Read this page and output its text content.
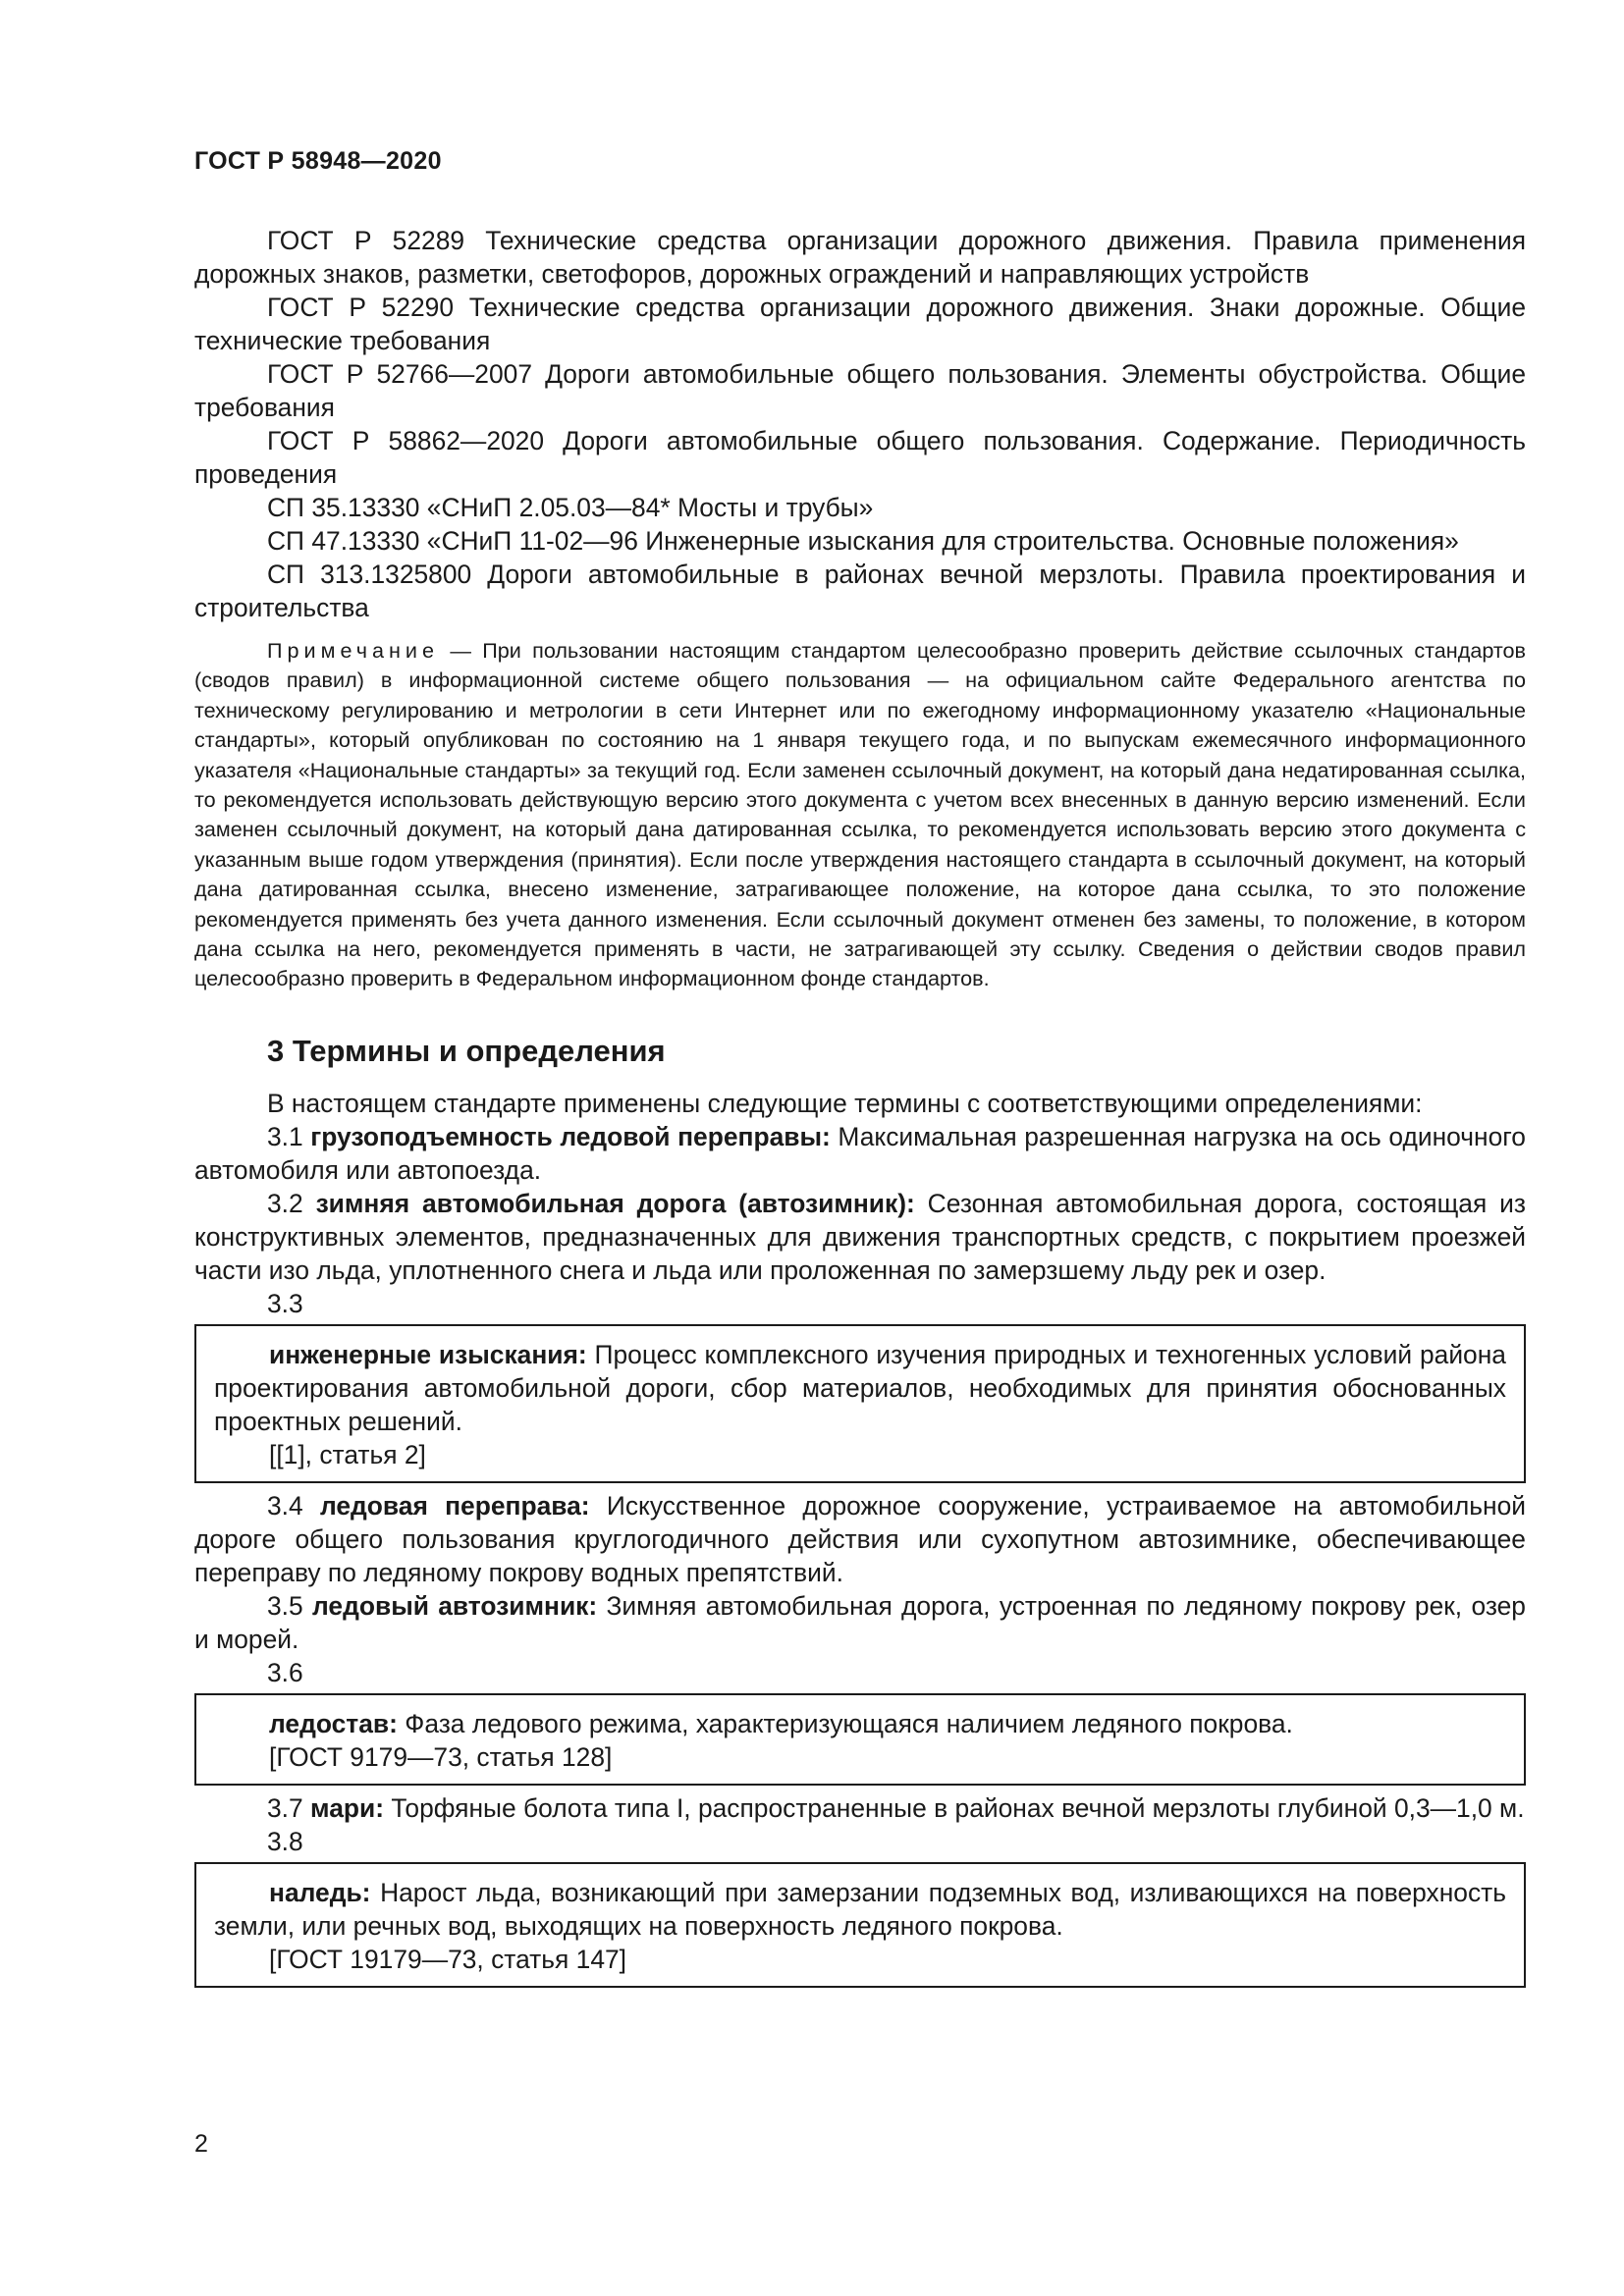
ГОСТ Р 58948—2020

ГОСТ Р 52289 Технические средства организации дорожного движения. Правила применения дорожных знаков, разметки, светофоров, дорожных ограждений и направляющих устройств

ГОСТ Р 52290 Технические средства организации дорожного движения. Знаки дорожные. Общие технические требования

ГОСТ Р 52766—2007 Дороги автомобильные общего пользования. Элементы обустройства. Общие требования

ГОСТ Р 58862—2020 Дороги автомобильные общего пользования. Содержание. Периодичность проведения

СП 35.13330 «СНиП 2.05.03—84* Мосты и трубы»

СП 47.13330 «СНиП 11-02—96 Инженерные изыскания для строительства. Основные положения»

СП 313.1325800 Дороги автомобильные в районах вечной мерзлоты. Правила проектирования и строительства

Примечание — При пользовании настоящим стандартом целесообразно проверить действие ссылочных стандартов (сводов правил) в информационной системе общего пользования — на официальном сайте Федерального агентства по техническому регулированию и метрологии в сети Интернет или по ежегодному информационному указателю «Национальные стандарты», который опубликован по состоянию на 1 января текущего года, и по выпускам ежемесячного информационного указателя «Национальные стандарты» за текущий год. Если заменен ссылочный документ, на который дана недатированная ссылка, то рекомендуется использовать действующую версию этого документа с учетом всех внесенных в данную версию изменений. Если заменен ссылочный документ, на который дана датированная ссылка, то рекомендуется использовать версию этого документа с указанным выше годом утверждения (принятия). Если после утверждения настоящего стандарта в ссылочный документ, на который дана датированная ссылка, внесено изменение, затрагивающее положение, на которое дана ссылка, то это положение рекомендуется применять без учета данного изменения. Если ссылочный документ отменен без замены, то положение, в котором дана ссылка на него, рекомендуется применять в части, не затрагивающей эту ссылку. Сведения о действии сводов правил целесообразно проверить в Федеральном информационном фонде стандартов.

3 Термины и определения

В настоящем стандарте применены следующие термины с соответствующими определениями:

3.1 грузоподъемность ледовой переправы: Максимальная разрешенная нагрузка на ось одиночного автомобиля или автопоезда.

3.2 зимняя автомобильная дорога (автозимник): Сезонная автомобильная дорога, состоящая из конструктивных элементов, предназначенных для движения транспортных средств, с покрытием проезжей части изо льда, уплотненного снега и льда или проложенная по замерзшему льду рек и озер.

3.3

инженерные изыскания: Процесс комплексного изучения природных и техногенных условий района проектирования автомобильной дороги, сбор материалов, необходимых для принятия обоснованных проектных решений.

[[1], статья 2]

3.4 ледовая переправа: Искусственное дорожное сооружение, устраиваемое на автомобильной дороге общего пользования круглогодичного действия или сухопутном автозимнике, обеспечивающее переправу по ледяному покрову водных препятствий.

3.5 ледовый автозимник: Зимняя автомобильная дорога, устроенная по ледяному покрову рек, озер и морей.

3.6

ледостав: Фаза ледового режима, характеризующаяся наличием ледяного покрова.

[ГОСТ 9179—73, статья 128]

3.7 мари: Торфяные болота типа I, распространенные в районах вечной мерзлоты глубиной 0,3—1,0 м.

3.8

наледь: Нарост льда, возникающий при замерзании подземных вод, изливающихся на поверхность земли, или речных вод, выходящих на поверхность ледяного покрова.

[ГОСТ 19179—73, статья 147]

2
